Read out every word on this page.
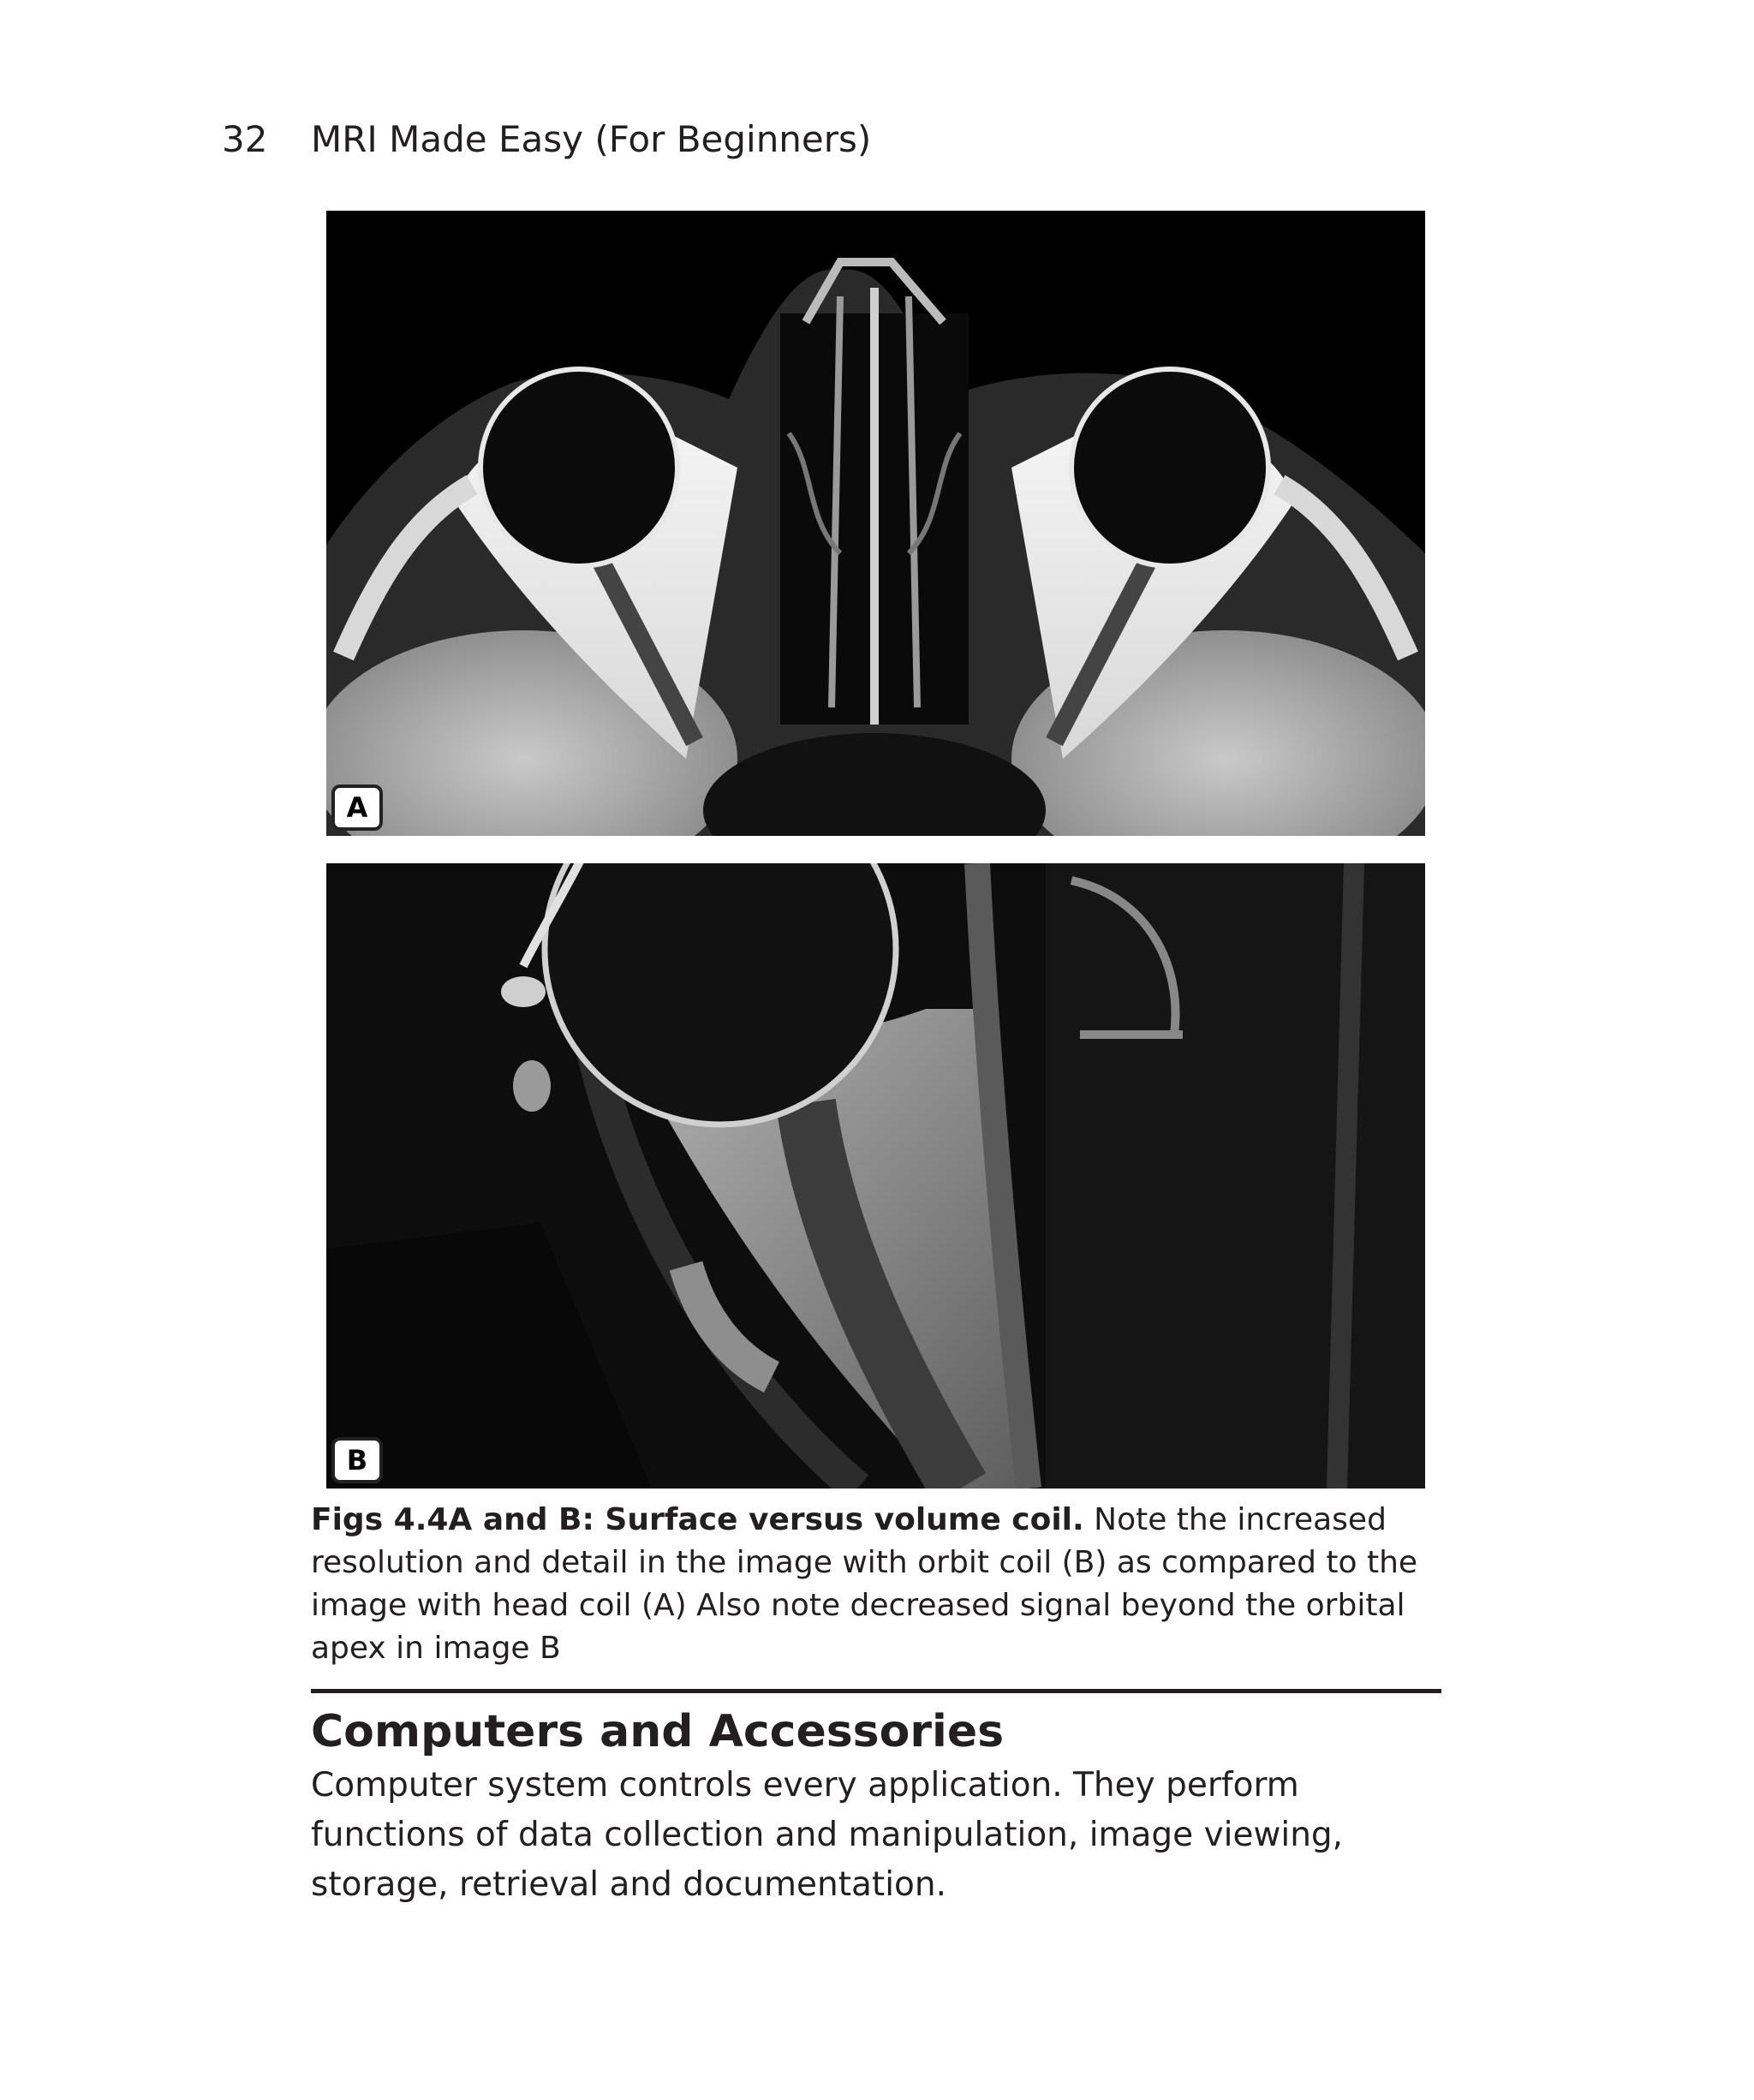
32 MRI Made Easy (For Beginners)
A
B
Figs 4.4A and B: Surface versus volume coil. Note the increased resolution and detail in the image with orbit coil (B) as compared to the image with head coil (A) Also note decreased signal beyond the orbital apex in image B
Computers and Accessories

Computer system controls every application. They perform functions of data collection and manipulation, image viewing, storage, retrieval and documentation.
